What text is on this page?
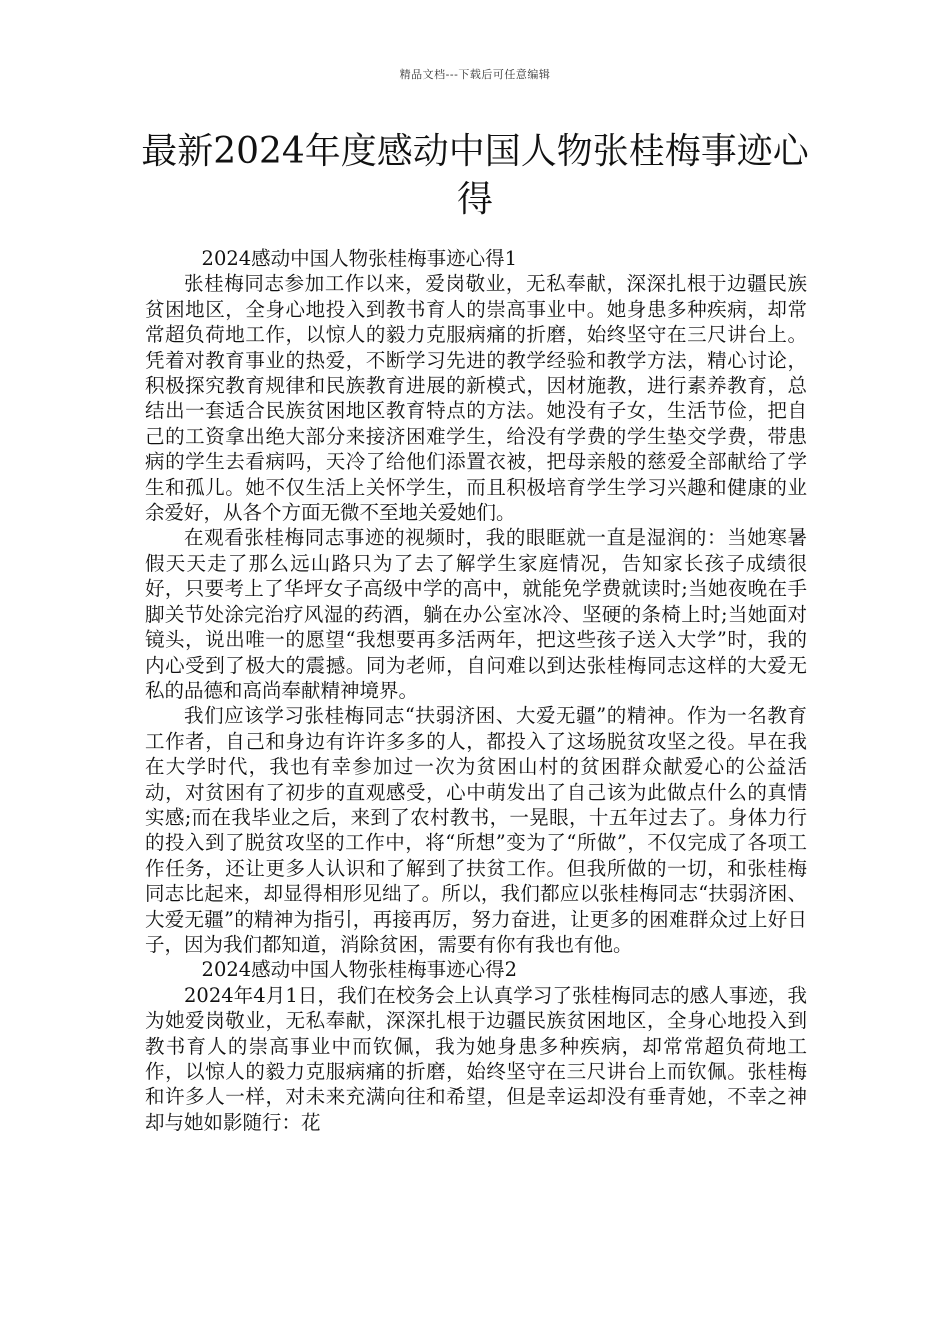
精品文档---下载后可任意编辑
最新2024年度感动中国人物张桂梅事迹心得

2024感动中国人物张桂梅事迹心得1

张桂梅同志参加工作以来，爱岗敬业，无私奉献，深深扎根于边疆民族贫困地区，全身心地投入到教书育人的崇高事业中。她身患多种疾病，却常常超负荷地工作，以惊人的毅力克服病痛的折磨，始终坚守在三尺讲台上。凭着对教育事业的热爱，不断学习先进的教学经验和教学方法，精心讨论，积极探究教育规律和民族教育进展的新模式，因材施教，进行素养教育，总结出一套适合民族贫困地区教育特点的方法。她没有子女，生活节俭，把自己的工资拿出绝大部分来接济困难学生，给没有学费的学生垫交学费，带患病的学生去看病吗，天冷了给他们添置衣被，把母亲般的慈爱全部献给了学生和孤儿。她不仅生活上关怀学生，而且积极培育学生学习兴趣和健康的业余爱好，从各个方面无微不至地关爱她们。

在观看张桂梅同志事迹的视频时，我的眼眶就一直是湿润的：当她寒暑假天天走了那么远山路只为了去了解学生家庭情况，告知家长孩子成绩很好，只要考上了华坪女子高级中学的高中，就能免学费就读时;当她夜晚在手脚关节处涂完治疗风湿的药酒，躺在办公室冰冷、坚硬的条椅上时;当她面对镜头，说出唯一的愿望“我想要再多活两年，把这些孩子送入大学”时，我的内心受到了极大的震撼。同为老师，自问难以到达张桂梅同志这样的大爱无私的品德和高尚奉献精神境界。

我们应该学习张桂梅同志“扶弱济困、大爱无疆”的精神。作为一名教育工作者，自己和身边有许许多多的人，都投入了这场脱贫攻坚之役。早在我在大学时代，我也有幸参加过一次为贫困山村的贫困群众献爱心的公益活动，对贫困有了初步的直观感受，心中萌发出了自己该为此做点什么的真情实感;而在我毕业之后，来到了农村教书，一晃眼，十五年过去了。身体力行的投入到了脱贫攻坚的工作中，将“所想”变为了“所做”，不仅完成了各项工作任务，还让更多人认识和了解到了扶贫工作。但我所做的一切，和张桂梅同志比起来，却显得相形见绌了。所以，我们都应以张桂梅同志“扶弱济困、大爱无疆”的精神为指引，再接再厉，努力奋进，让更多的困难群众过上好日子，因为我们都知道，消除贫困，需要有你有我也有他。

2024感动中国人物张桂梅事迹心得2

2024年4月1日，我们在校务会上认真学习了张桂梅同志的感人事迹，我为她爱岗敬业，无私奉献，深深扎根于边疆民族贫困地区，全身心地投入到教书育人的崇高事业中而钦佩，我为她身患多种疾病，却常常超负荷地工作，以惊人的毅力克服病痛的折磨，始终坚守在三尺讲台上而钦佩。张桂梅和许多人一样，对未来充满向往和希望，但是幸运却没有垂青她，不幸之神却与她如影随行：花
